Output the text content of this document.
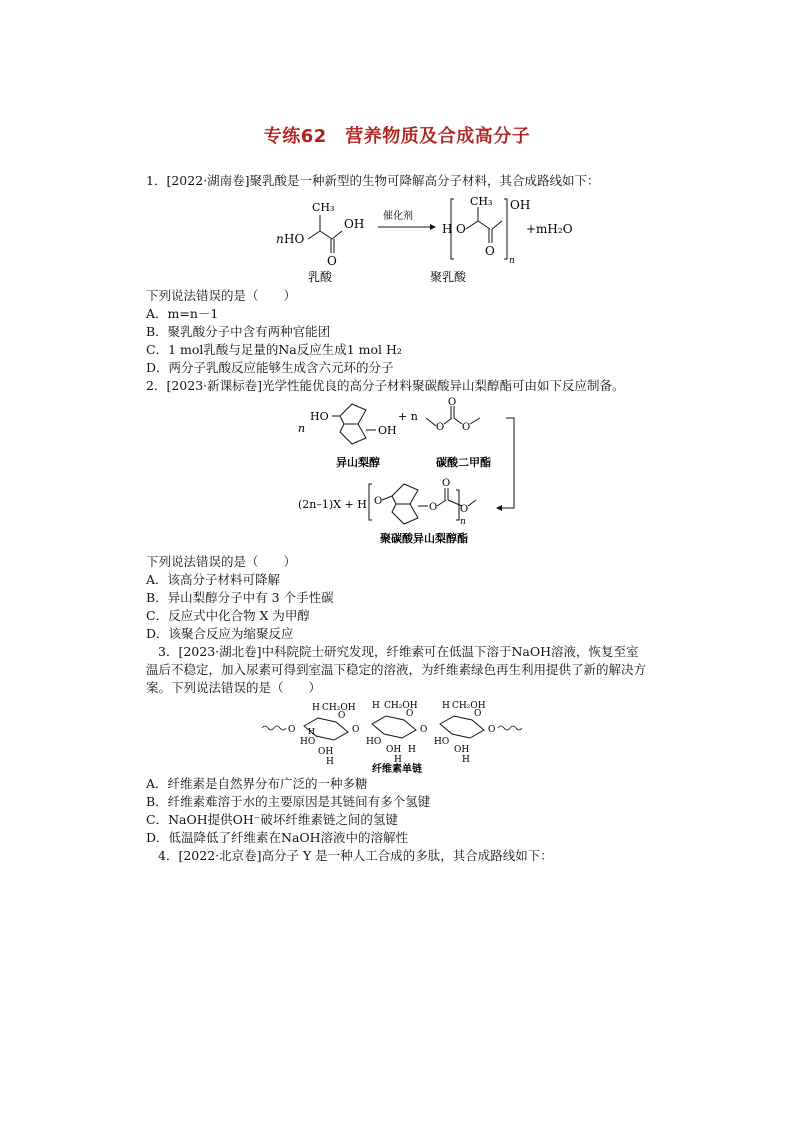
专练62　营养物质及合成高分子
1．[2022·湖南卷]聚乳酸是一种新型的生物可降解高分子材料，其合成路线如下：
n HO
CH₃
OH
O
乳酸
催化剂
H O
CH₃
O
OH
n
+mH₂O
聚乳酸
下列说法错误的是（　　）
A．m=n－1
B．聚乳酸分子中含有两种官能团
C．1 mol乳酸与足量的Na反应生成1 mol H₂
D．两分子乳酸反应能够生成含六元环的分子
2．[2023·新课标卷]光学性能优良的高分子材料聚碳酸异山梨醇酯可由如下反应制备。
n
HO
OH
+ n
O
O
O
异山梨醇	碳酸二甲酯
(2n–1)X + H O
O
O
O
n
聚碳酸异山梨醇酯
下列说法错误的是（　　）
A．该高分子材料可降解
B．异山梨醇分子中有 3 个手性碳
C．反应式中化合物 X 为甲醇
D．该聚合反应为缩聚反应
3．[2023·湖北卷]中科院院士研究发现，纤维素可在低温下溶于NaOH溶液，恢复至室
温后不稳定，加入尿素可得到室温下稳定的溶液，为纤维素绿色再生利用提供了新的解决方
案。下列说法错误的是（　　）
O
H CH₂OH
O
HO
OH
H
H	O
H CH₂OH
O
HO
OH H
H
O
H CH₂OH
O
HO
OH
H
O
纤维素单链
A．纤维素是自然界分布广泛的一种多糖
B．纤维素难溶于水的主要原因是其链间有多个氢键
C．NaOH提供OH⁻破坏纤维素链之间的氢键
D．低温降低了纤维素在NaOH溶液中的溶解性
4．[2022·北京卷]高分子 Y 是一种人工合成的多肽，其合成路线如下：
